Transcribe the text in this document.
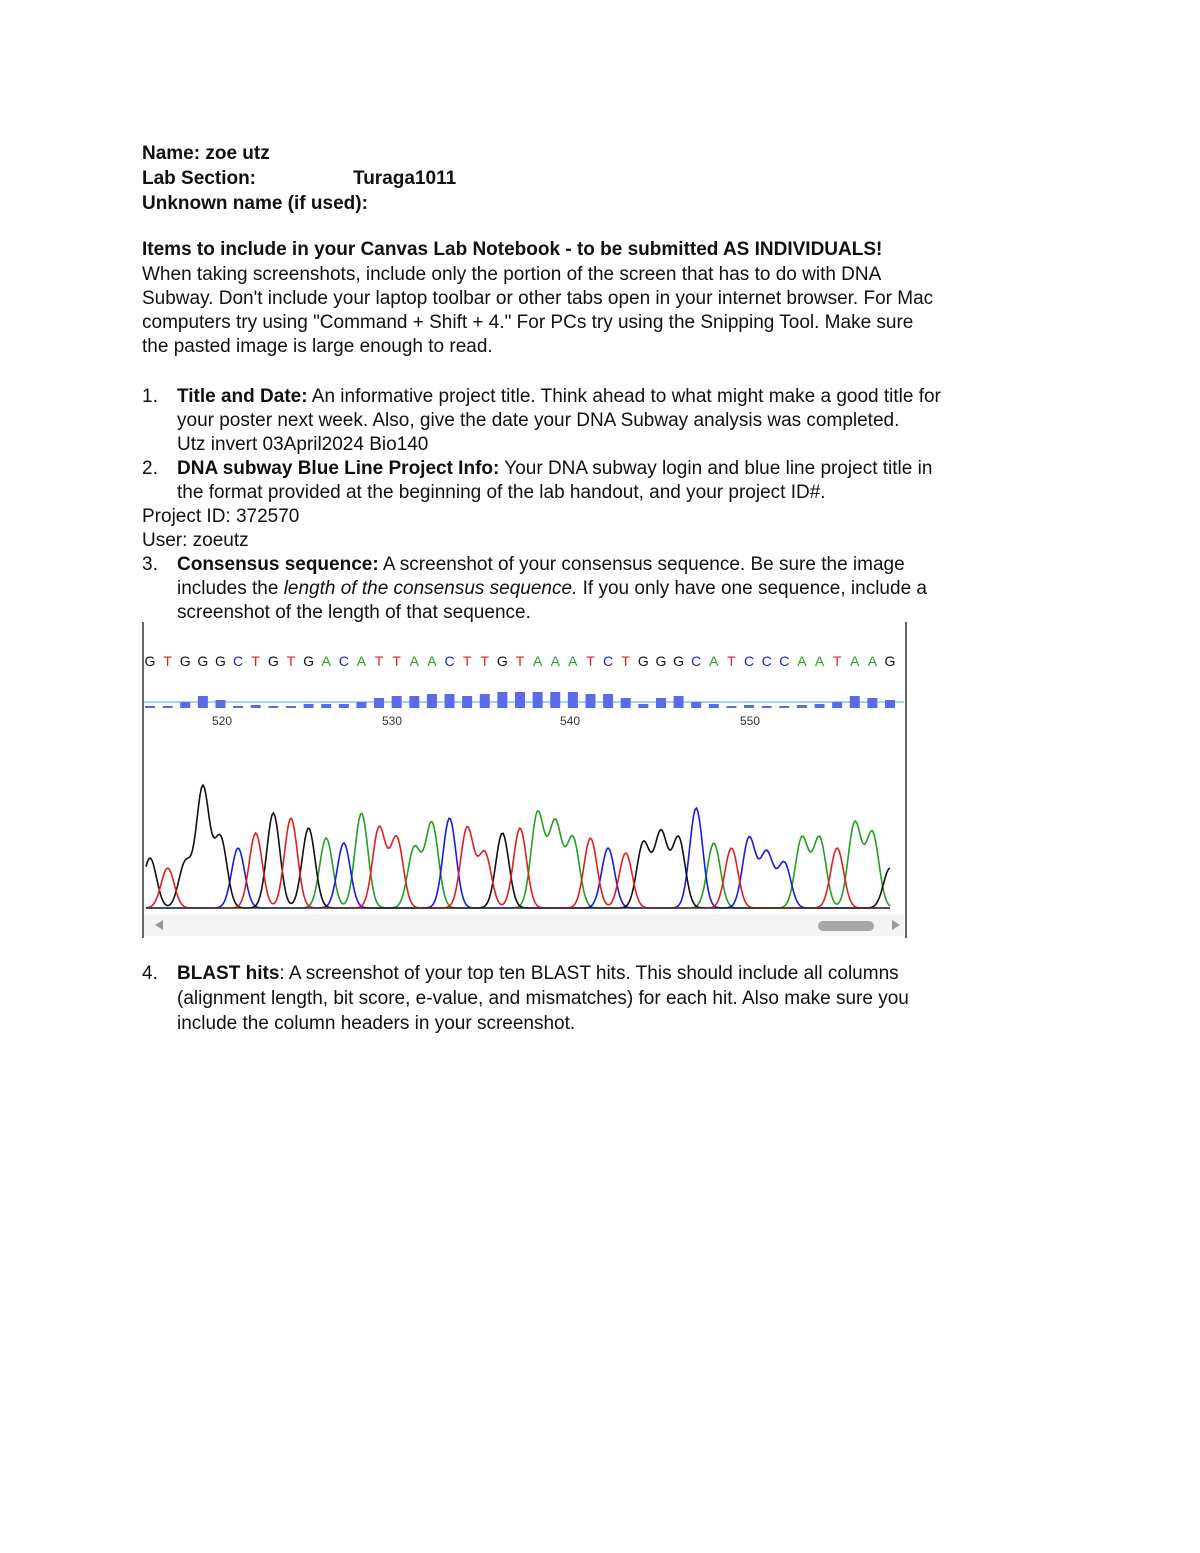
Name: zoe utz
Lab Section:	Turaga1011
Unknown name (if used):
Items to include in your Canvas Lab Notebook - to be submitted AS INDIVIDUALS!
When taking screenshots, include only the portion of the screen that has to do with DNA
Subway. Don't include your laptop toolbar or other tabs open in your internet browser. For Mac
computers try using "Command + Shift + 4." For PCs try using the Snipping Tool. Make sure
the pasted image is large enough to read.
1. Title and Date: An informative project title. Think ahead to what might make a good title for
your poster next week. Also, give the date your DNA Subway analysis was completed.
Utz invert 03April2024 Bio140
2. DNA subway Blue Line Project Info: Your DNA subway login and blue line project title in
the format provided at the beginning of the lab handout, and your project ID#.
Project ID: 372570
User: zoeutz
3. Consensus sequence: A screenshot of your consensus sequence. Be sure the image
includes the length of the consensus sequence. If you only have one sequence, include a
screenshot of the length of that sequence.
G T G G G C T G T G A C A T T A A C T T G T A A A T C T G G G C A T C C C A A T A A G
520	530	540	550
4. BLAST hits: A screenshot of your top ten BLAST hits. This should include all columns
(alignment length, bit score, e-value, and mismatches) for each hit. Also make sure you
include the column headers in your screenshot.
